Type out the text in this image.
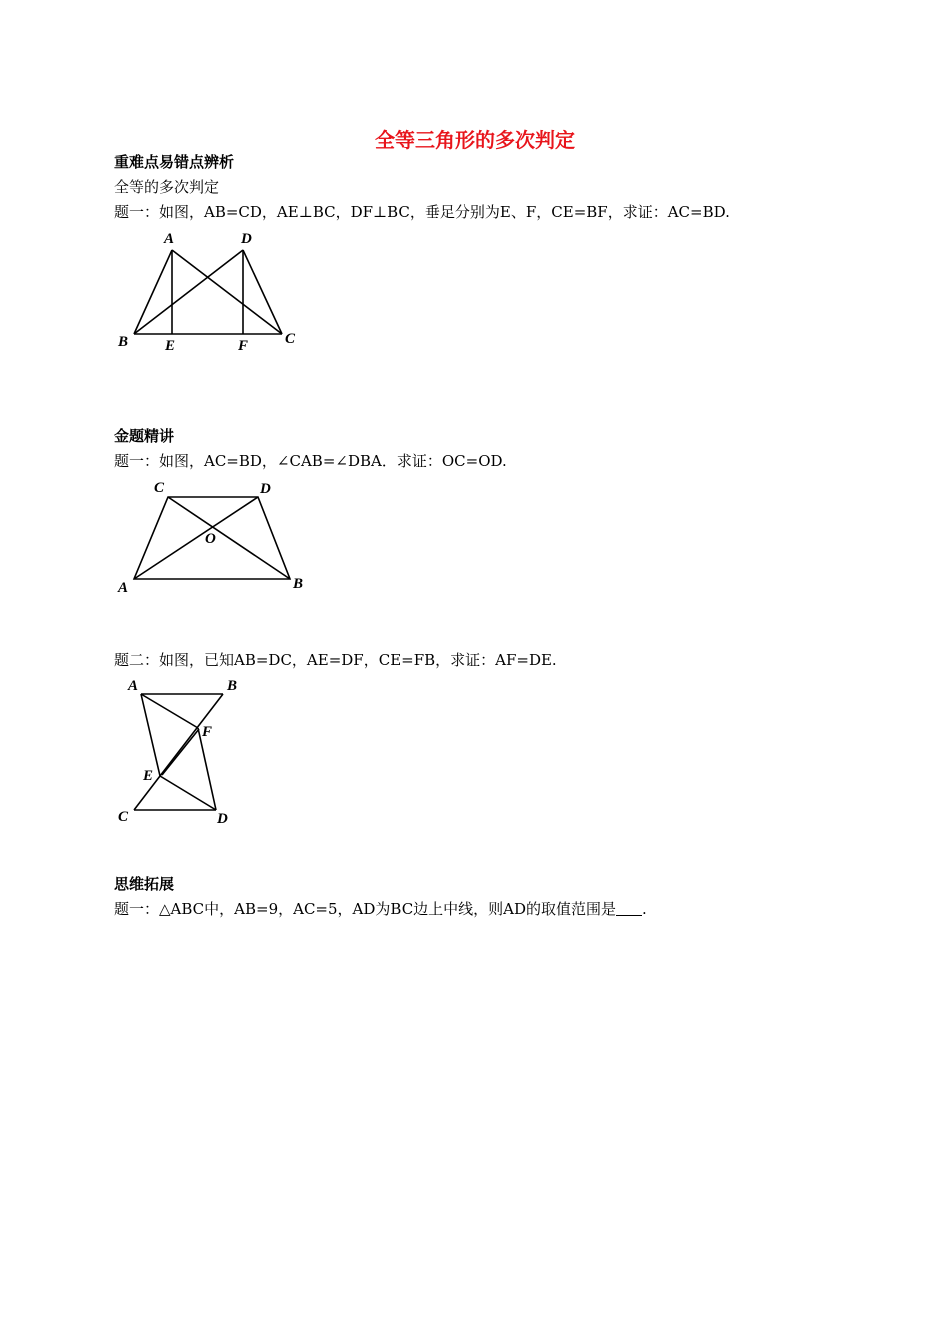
全等三角形的多次判定
重难点易错点辨析
全等的多次判定
题一：如图，AB=CD，AE⊥BC，DF⊥BC，垂足分别为E、F，CE=BF，求证：AC=BD.
A	D
B E	F C
金题精讲
题一：如图，AC=BD，∠CAB=∠DBA．求证：OC=OD.
C	D
O
A	B
题二：如图，已知AB=DC，AE=DF，CE=FB，求证：AF=DE.
A	B
F
E
C	D
思维拓展
题一：△ABC中，AB=9，AC=5，AD为BC边上中线，则AD的取值范围是 .
